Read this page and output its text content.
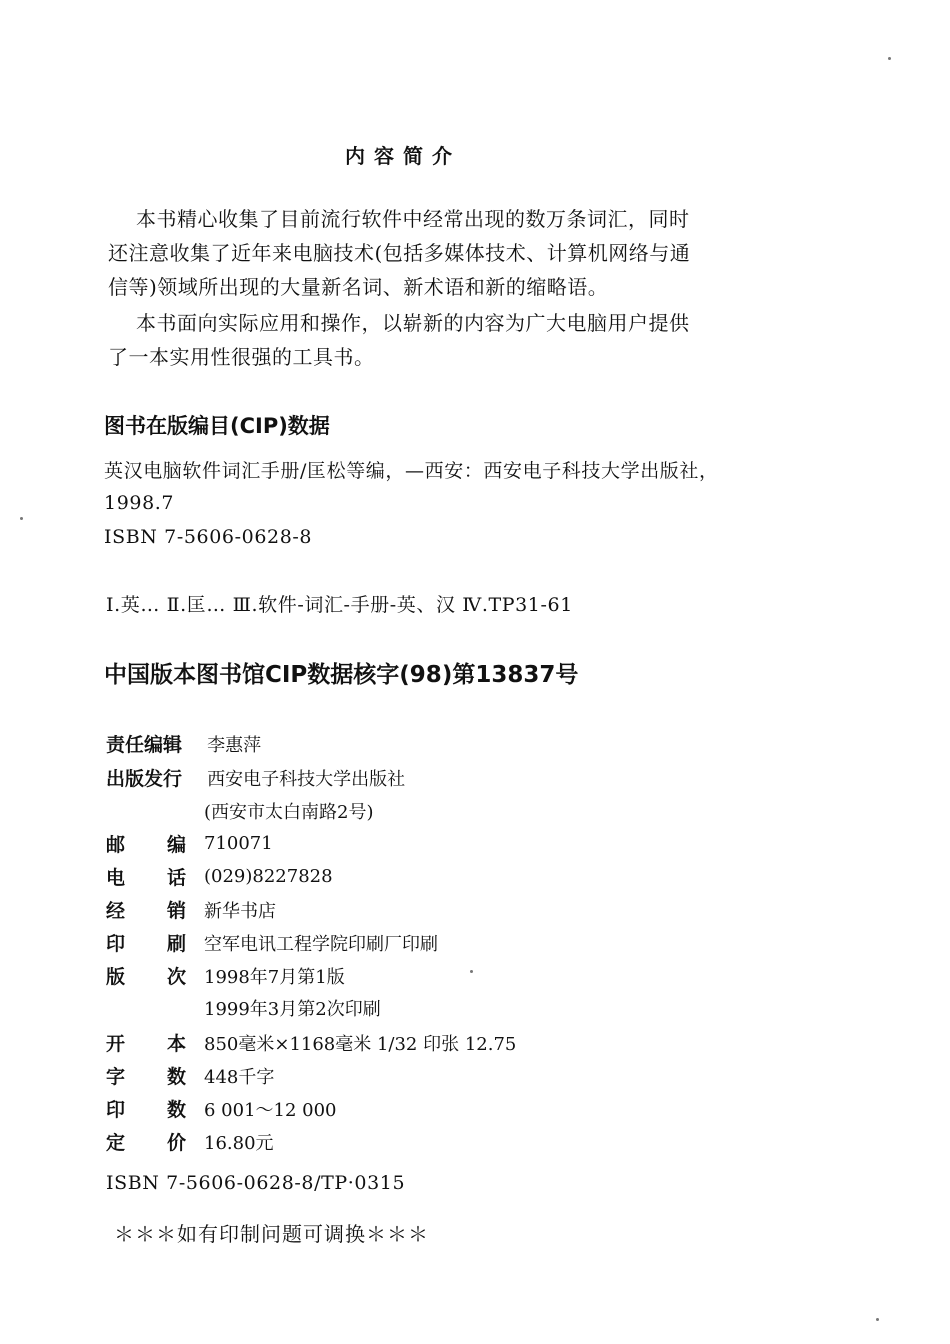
内容简介
本书精心收集了目前流行软件中经常出现的数万条词汇，同时
还注意收集了近年来电脑技术(包括多媒体技术、计算机网络与通
信等)领域所出现的大量新名词、新术语和新的缩略语。
本书面向实际应用和操作，以崭新的内容为广大电脑用户提供
了一本实用性很强的工具书。
图书在版编目(CIP)数据
英汉电脑软件词汇手册/匡松等编，—西安：西安电子科技大学出版社，
1998.7
ISBN 7-5606-0628-8
Ⅰ.英… Ⅱ.匡… Ⅲ.软件-词汇-手册-英、汉 Ⅳ.TP31-61
中国版本图书馆CIP数据核字(98)第13837号
责任编辑 李惠萍
出版发行 西安电子科技大学出版社
(西安市太白南路2号)
邮 编 710071
电 话 (029)8227828
经 销 新华书店
印 刷 空军电讯工程学院印刷厂印刷
版 次 1998年7月第1版
1999年3月第2次印刷
开 本 850毫米×1168毫米 1/32 印张 12.75
字 数 448千字
印 数 6 001～12 000
定 价 16.80元
ISBN 7-5606-0628-8/TP·0315
＊＊＊如有印制问题可调换＊＊＊
